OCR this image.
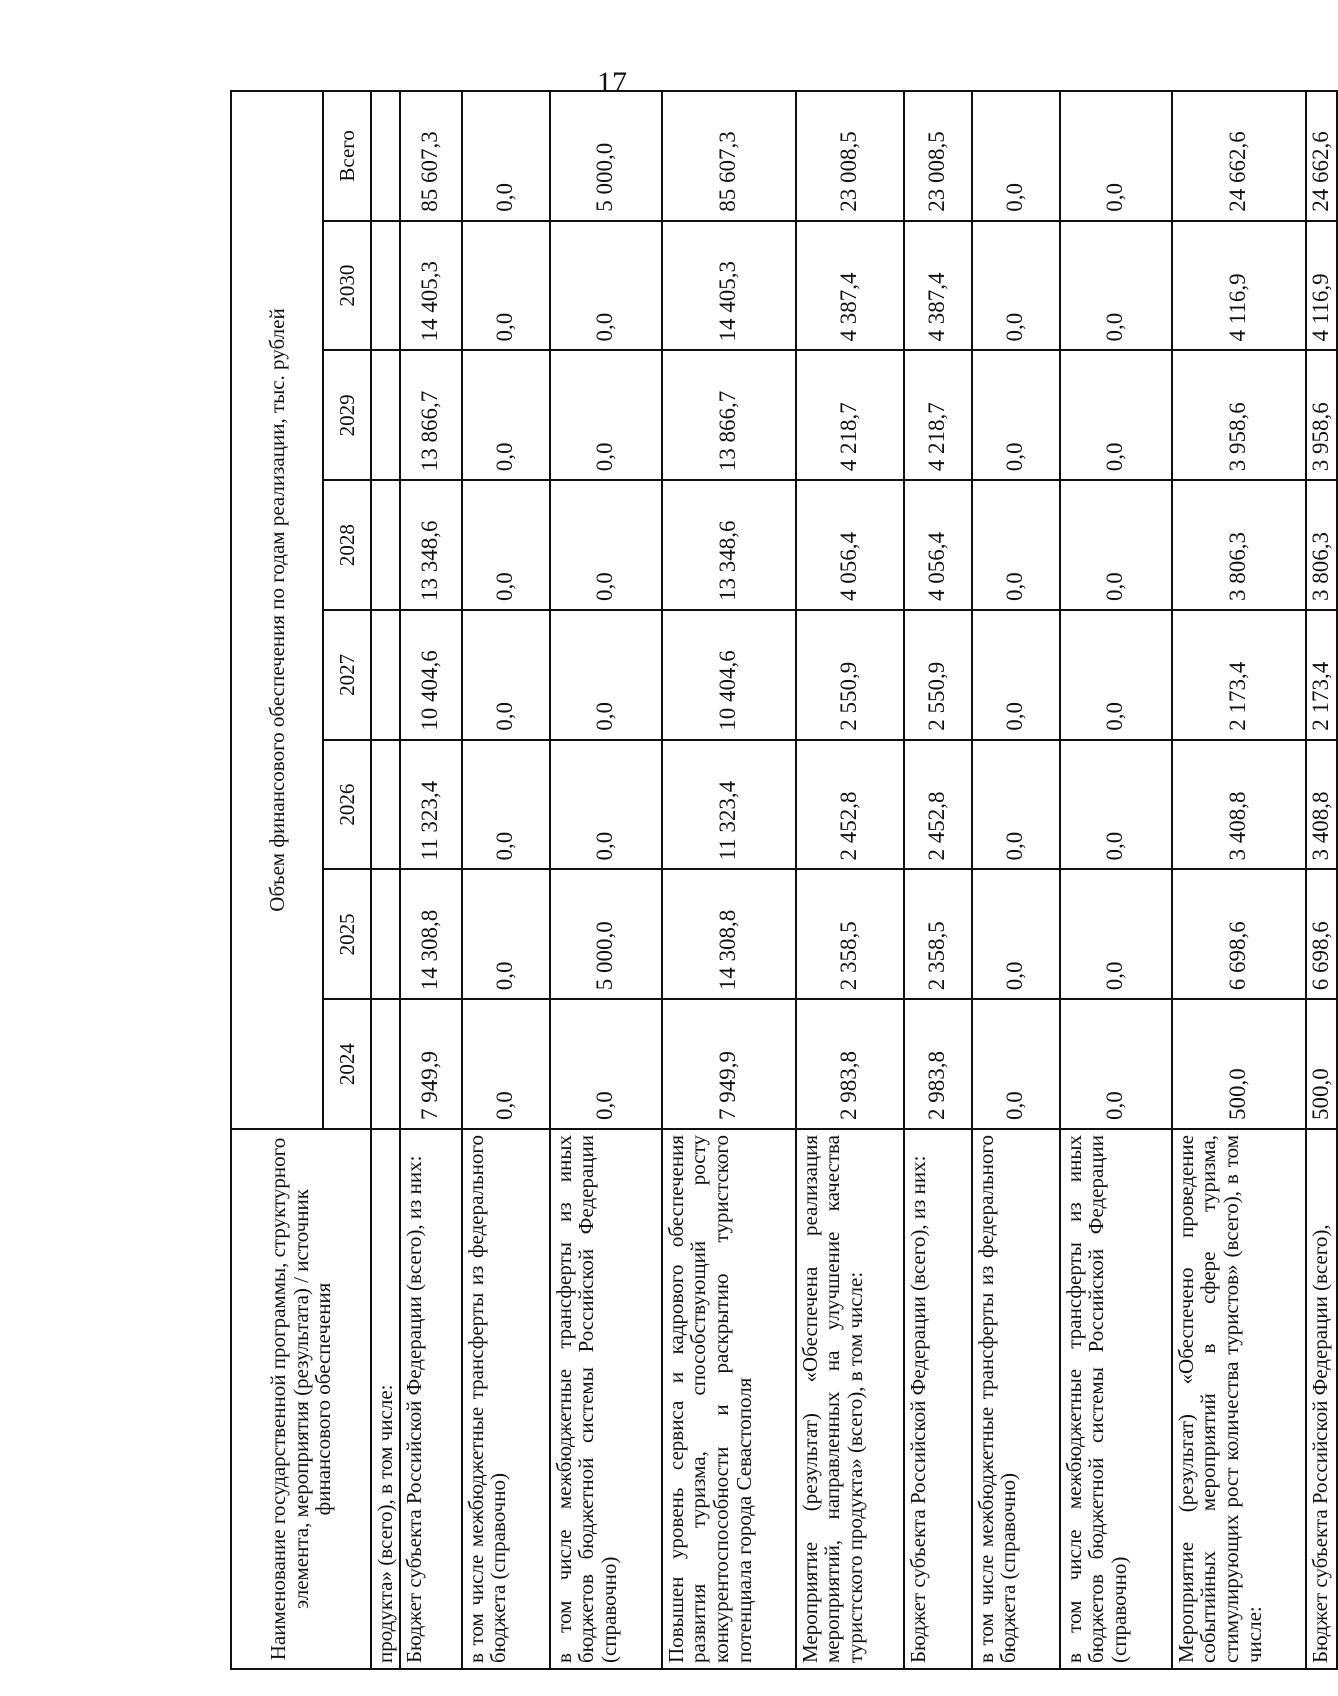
17
Наименование государственной программы, структурного элемента, мероприятия (результата) / источник финансового обеспечения	Объем финансового обеспечения по годам реализации, тыс. рублей							
	2024	2025	2026	2027	2028	2029	2030	Всего
продукта» (всего), в том числе:								
Бюджет субъекта Российской Федерации (всего), из них:	7 949,9	14 308,8	11 323,4	10 404,6	13 348,6	13 866,7	14 405,3	85 607,3
в том числе межбюджетные трансферты из федерального бюджета (справочно)	0,0	0,0	0,0	0,0	0,0	0,0	0,0	0,0
в том числе межбюджетные трансферты из иных бюджетов бюджетной системы Российской Федерации (справочно)	0,0	5 000,0	0,0	0,0	0,0	0,0	0,0	5 000,0
Повышен уровень сервиса и кадрового обеспечения развития туризма, способствующий росту конкурентоспособности и раскрытию туристского потенциала города Севастополя	7 949,9	14 308,8	11 323,4	10 404,6	13 348,6	13 866,7	14 405,3	85 607,3
Мероприятие (результат) «Обеспечена реализация мероприятий, направленных на улучшение качества туристского продукта» (всего), в том числе:	2 983,8	2 358,5	2 452,8	2 550,9	4 056,4	4 218,7	4 387,4	23 008,5
Бюджет субъекта Российской Федерации (всего), из них:	2 983,8	2 358,5	2 452,8	2 550,9	4 056,4	4 218,7	4 387,4	23 008,5
в том числе межбюджетные трансферты из федерального бюджета (справочно)	0,0	0,0	0,0	0,0	0,0	0,0	0,0	0,0
в том числе межбюджетные трансферты из иных бюджетов бюджетной системы Российской Федерации (справочно)	0,0	0,0	0,0	0,0	0,0	0,0	0,0	0,0
Мероприятие (результат) «Обеспечено проведение событийных мероприятий в сфере туризма, стимулирующих рост количества туристов» (всего), в том числе:	500,0	6 698,6	3 408,8	2 173,4	3 806,3	3 958,6	4 116,9	24 662,6
Бюджет субъекта Российской Федерации (всего),	500,0	6 698,6	3 408,8	2 173,4	3 806,3	3 958,6	4 116,9	24 662,6
